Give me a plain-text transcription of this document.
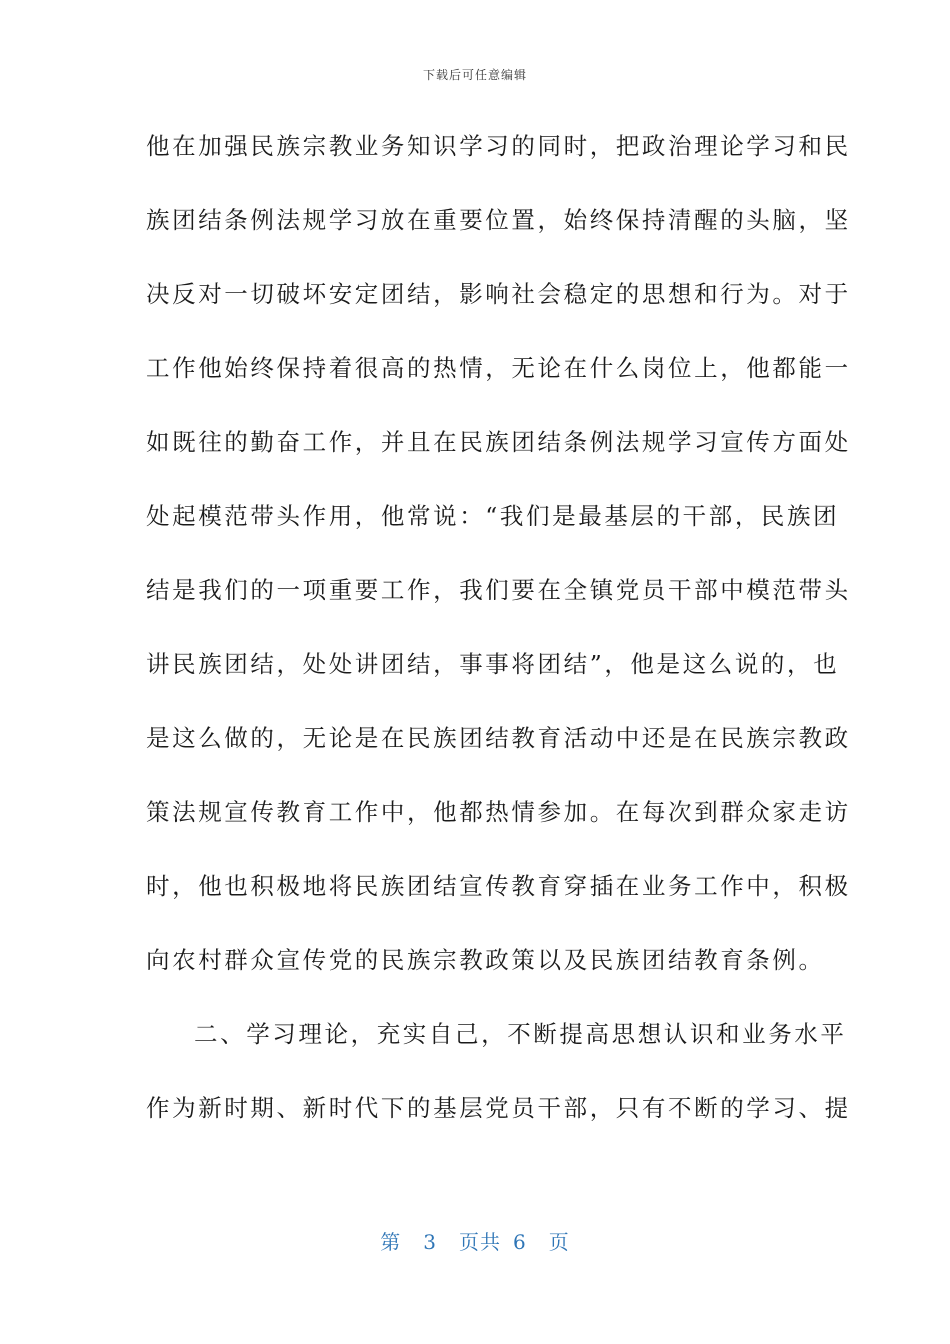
下载后可任意编辑
他在加强民族宗教业务知识学习的同时，把政治理论学习和民
族团结条例法规学习放在重要位置，始终保持清醒的头脑，坚
决反对一切破坏安定团结，影响社会稳定的思想和行为。对于
工作他始终保持着很高的热情，无论在什么岗位上，他都能一
如既往的勤奋工作，并且在民族团结条例法规学习宣传方面处
处起模范带头作用，他常说：“我们是最基层的干部，民族团
结是我们的一项重要工作，我们要在全镇党员干部中模范带头
讲民族团结，处处讲团结，事事将团结”，他是这么说的，也
是这么做的，无论是在民族团结教育活动中还是在民族宗教政
策法规宣传教育工作中，他都热情参加。在每次到群众家走访
时，他也积极地将民族团结宣传教育穿插在业务工作中，积极
向农村群众宣传党的民族宗教政策以及民族团结教育条例。
二、学习理论，充实自己，不断提高思想认识和业务水平
作为新时期、新时代下的基层党员干部，只有不断的学习、提
第 3 页共 6 页
